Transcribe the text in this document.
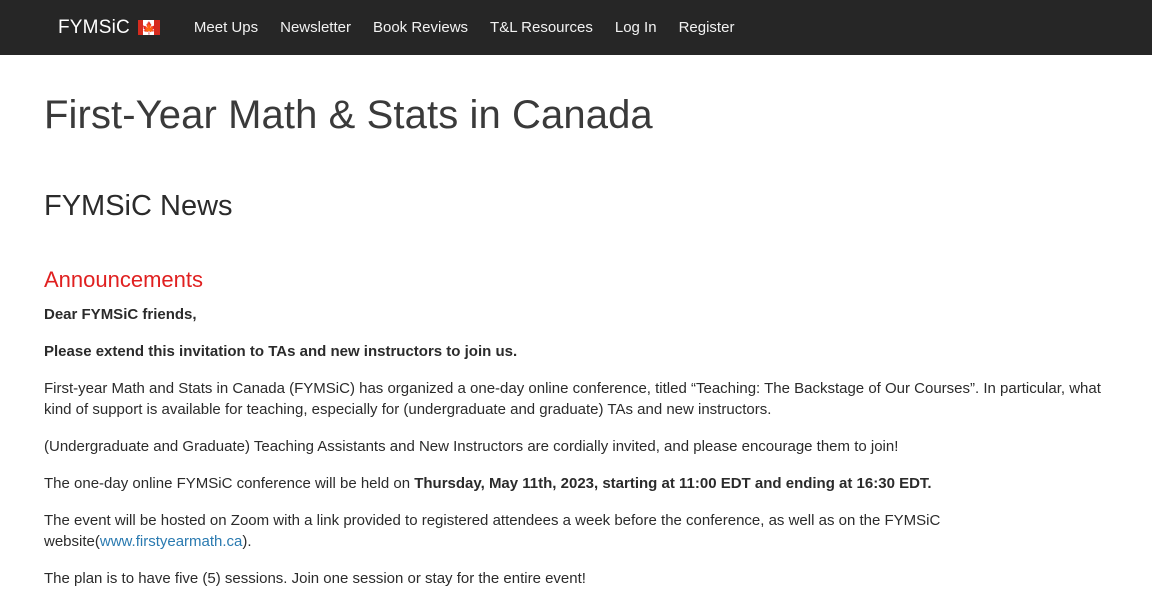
FYMSiC 🍁	Meet Ups Newsletter Book Reviews T&L Resources Log In Register
First-Year Math & Stats in Canada
FYMSiC News
Announcements

Dear FYMSiC friends,

Please extend this invitation to TAs and new instructors to join us.

First-year Math and Stats in Canada (FYMSiC) has organized a one-day online conference, titled “Teaching: The Backstage of Our Courses”. In particular, what kind of support is available for teaching, especially for (undergraduate and graduate) TAs and new instructors.

(Undergraduate and Graduate) Teaching Assistants and New Instructors are cordially invited, and please encourage them to join!

The one-day online FYMSiC conference will be held on Thursday, May 11th, 2023, starting at 11:00 EDT and ending at 16:30 EDT.

The event will be hosted on Zoom with a link provided to registered attendees a week before the conference, as well as on the FYMSiC website(www.firstyearmath.ca).

The plan is to have five (5) sessions. Join one session or stay for the entire event!
